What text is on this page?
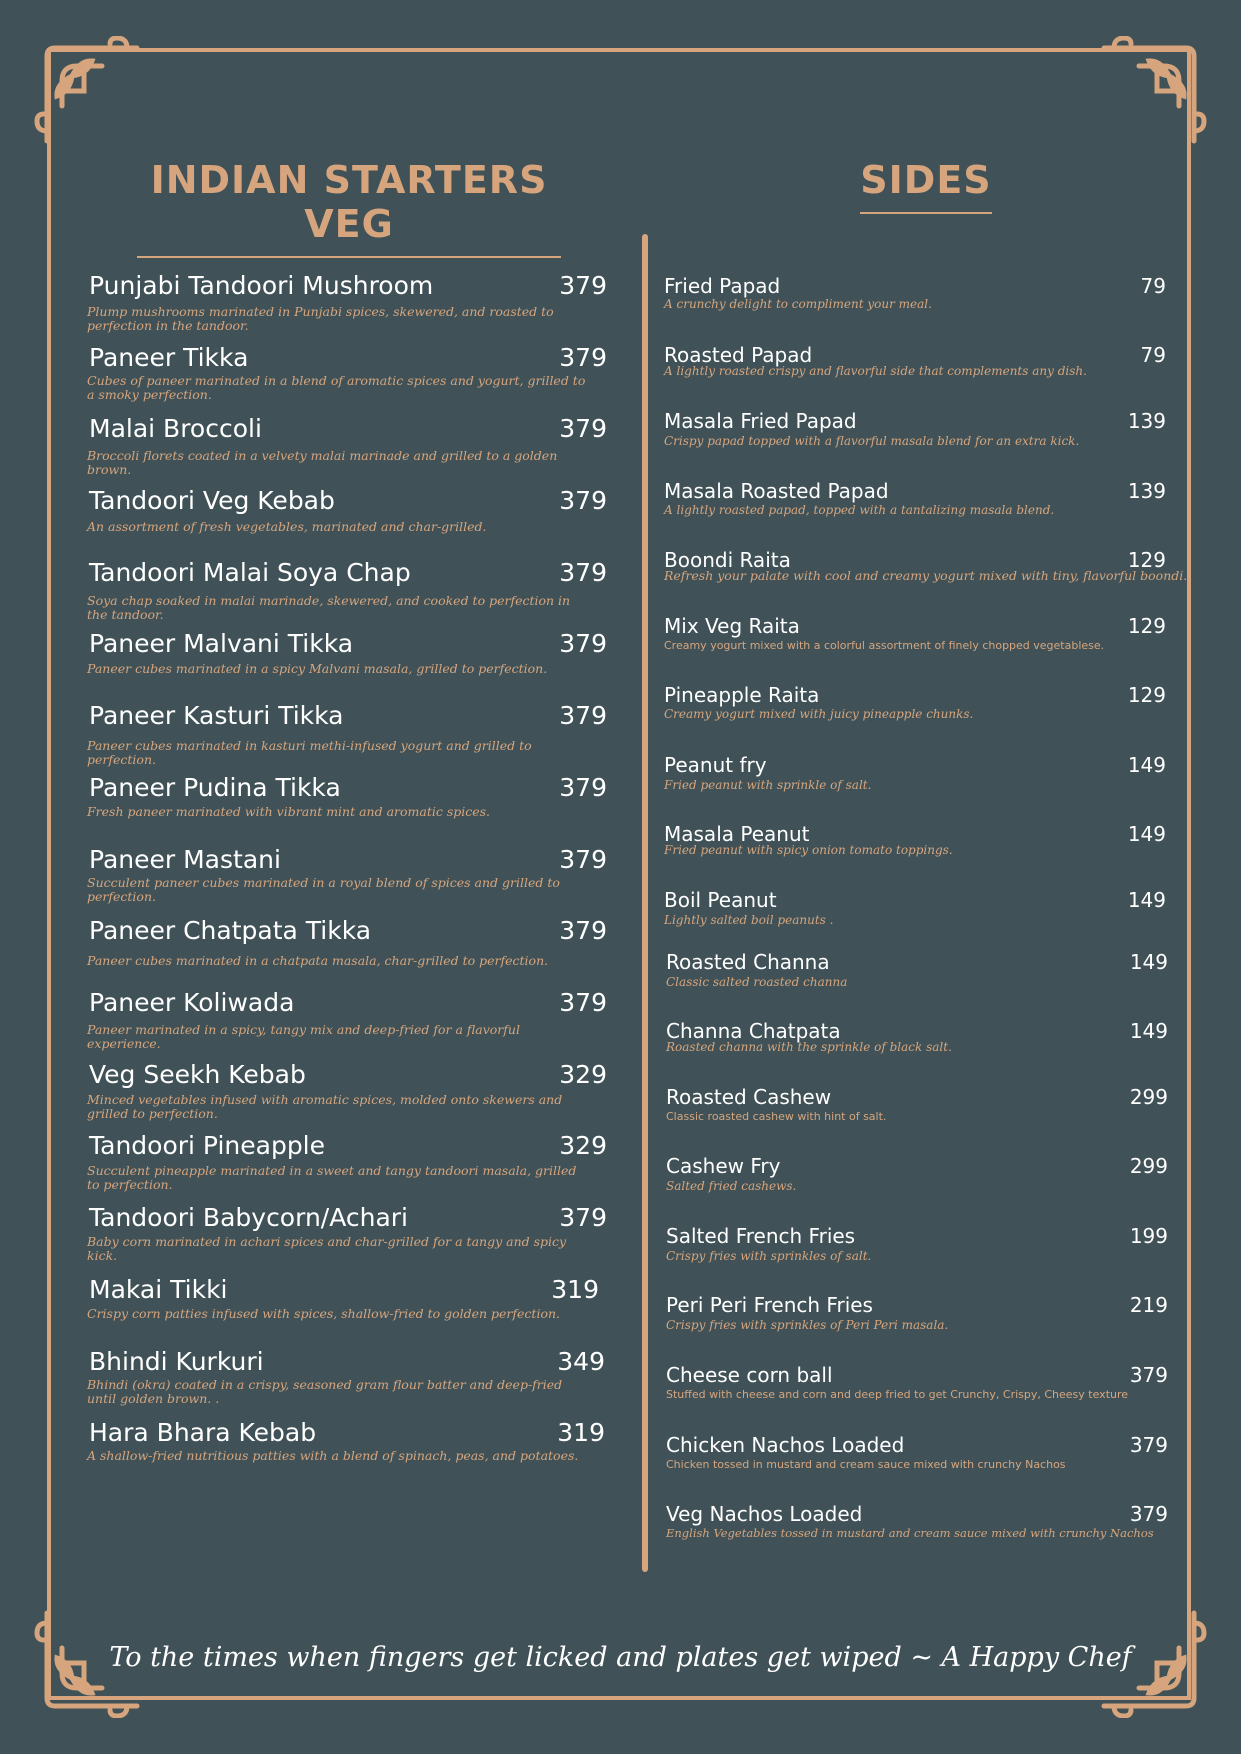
INDIAN STARTERS VEG
SIDES
Punjabi Tandoori Mushroom	379
Plump mushrooms marinated in Punjabi spices, skewered, and roasted to perfection in the tandoor.
Paneer Tikka	379
Cubes of paneer marinated in a blend of aromatic spices and yogurt, grilled to a smoky perfection.
Malai Broccoli	379
Broccoli florets coated in a velvety malai marinade and grilled to a golden brown.
Tandoori Veg Kebab	379
An assortment of fresh vegetables, marinated and char-grilled.
Tandoori Malai Soya Chap	379
Soya chap soaked in malai marinade, skewered, and cooked to perfection in the tandoor.
Paneer Malvani Tikka	379
Paneer cubes marinated in a spicy Malvani masala, grilled to perfection.
Paneer Kasturi Tikka	379
Paneer cubes marinated in kasturi methi-infused yogurt and grilled to perfection.
Paneer Pudina Tikka	379
Fresh paneer marinated with vibrant mint and aromatic spices.
Paneer Mastani	379
Succulent paneer cubes marinated in a royal blend of spices and grilled to perfection.
Paneer Chatpata Tikka	379
Paneer cubes marinated in a chatpata masala, char-grilled to perfection.
Paneer Koliwada	379
Paneer marinated in a spicy, tangy mix and deep-fried for a flavorful experience.
Veg Seekh Kebab	329
Minced vegetables infused with aromatic spices, molded onto skewers and grilled to perfection.
Tandoori Pineapple	329
Succulent pineapple marinated in a sweet and tangy tandoori masala, grilled to perfection.
Tandoori Babycorn/Achari	379
Baby corn marinated in achari spices and char-grilled for a tangy and spicy kick.
Makai Tikki	319
Crispy corn patties infused with spices, shallow-fried to golden perfection.
Bhindi Kurkuri	349
Bhindi (okra) coated in a crispy, seasoned gram flour batter and deep-fried until golden brown. .
Hara Bhara Kebab	319
A shallow-fried nutritious patties with a blend of spinach, peas, and potatoes.
Fried Papad	79
A crunchy delight to compliment your meal.
Roasted Papad	79
A lightly roasted crispy and flavorful side that complements any dish.
Masala Fried Papad	139
Crispy papad topped with a flavorful masala blend for an extra kick.
Masala Roasted Papad	139
A lightly roasted papad, topped with a tantalizing masala blend.
Boondi Raita	129
Refresh your palate with cool and creamy yogurt mixed with tiny, flavorful boondi.
Mix Veg Raita	129
Creamy yogurt mixed with a colorful assortment of finely chopped vegetablese.
Pineapple Raita	129
Creamy yogurt mixed with juicy pineapple chunks.
Peanut fry	149
Fried peanut with sprinkle of salt.
Masala Peanut	149
Fried peanut with spicy onion tomato toppings.
Boil Peanut	149
Lightly salted boil peanuts .
Roasted Channa	149
Classic salted roasted channa
Channa Chatpata	149
Roasted channa with the sprinkle of black salt.
Roasted Cashew	299
Classic roasted cashew with hint of salt.
Cashew Fry	299
Salted fried cashews.
Salted French Fries	199
Crispy fries with sprinkles of salt.
Peri Peri French Fries	219
Crispy fries with sprinkles of Peri Peri masala.
Cheese corn ball	379
Stuffed with cheese and corn and deep fried to get Crunchy, Crispy, Cheesy texture
Chicken Nachos Loaded	379
Chicken tossed in mustard and cream sauce mixed with crunchy Nachos
Veg Nachos Loaded	379
English Vegetables tossed in mustard and cream sauce mixed with crunchy Nachos
To the times when fingers get licked and plates get wiped ~ A Happy Chef
